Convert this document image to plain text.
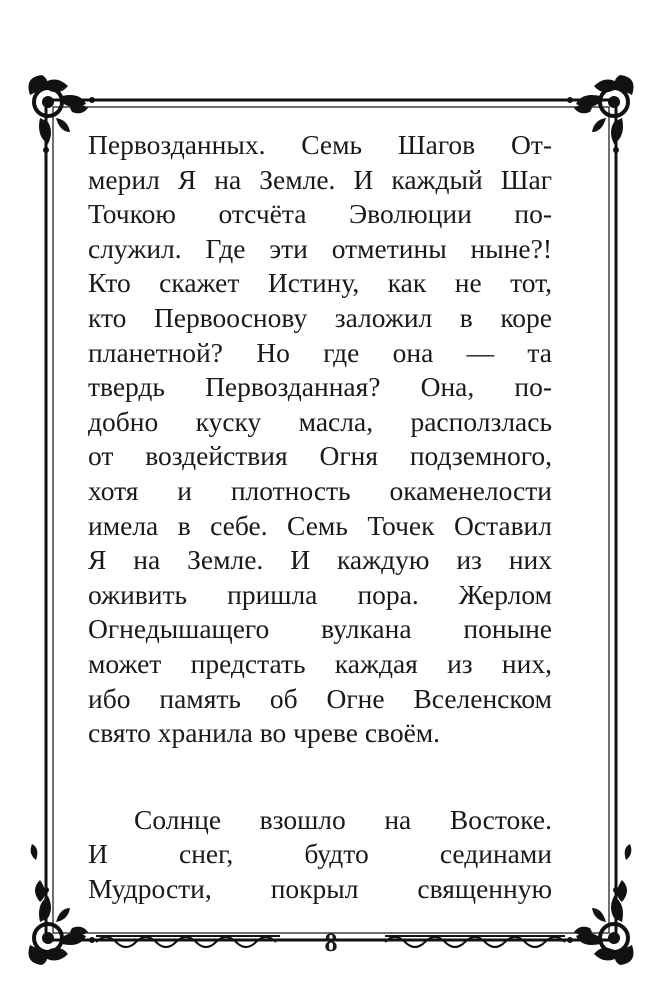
Первозданных. Семь Шагов От-
мерил Я на Земле. И каждый Шаг
Точкою отсчёта Эволюции по-
служил. Где эти отметины ныне?!
Кто скажет Истину, как не тот,
кто Первооснову заложил в коре
планетной? Но где она — та
твердь Первозданная? Она, по-
добно куску масла, расползлась
от воздействия Огня подземного,
хотя и плотность окаменелости
имела в себе. Семь Точек Оставил
Я на Земле. И каждую из них
оживить пришла пора. Жерлом
Огнедышащего вулкана поныне
может предстать каждая из них,
ибо память об Огне Вселенском
свято хранила во чреве своём.
Солнце взошло на Востоке.
И снег, будто сединами
Мудрости, покрыл священную
8
